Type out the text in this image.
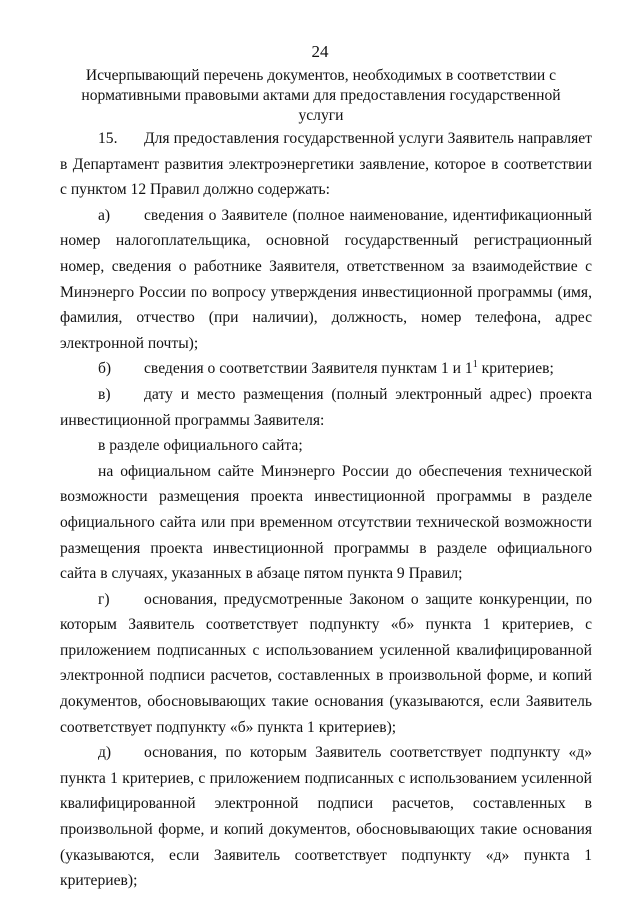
24
Исчерпывающий перечень документов, необходимых в соответствии с нормативными правовыми актами для предоставления государственной услуги

15. Для предоставления государственной услуги Заявитель направляет в Департамент развития электроэнергетики заявление, которое в соответствии с пунктом 12 Правил должно содержать:

а) сведения о Заявителе (полное наименование, идентификационный номер налогоплательщика, основной государственный регистрационный номер, сведения о работнике Заявителя, ответственном за взаимодействие с Минэнерго России по вопросу утверждения инвестиционной программы (имя, фамилия, отчество (при наличии), должность, номер телефона, адрес электронной почты);

б) сведения о соответствии Заявителя пунктам 1 и $1^1$ критериев;

в) дату и место размещения (полный электронный адрес) проекта инвестиционной программы Заявителя:

в разделе официального сайта;

на официальном сайте Минэнерго России до обеспечения технической возможности размещения проекта инвестиционной программы в разделе официального сайта или при временном отсутствии технической возможности размещения проекта инвестиционной программы в разделе официального сайта в случаях, указанных в абзаце пятом пункта 9 Правил;

г) основания, предусмотренные Законом о защите конкуренции, по которым Заявитель соответствует подпункту «б» пункта 1 критериев, с приложением подписанных с использованием усиленной квалифицированной электронной подписи расчетов, составленных в произвольной форме, и копий документов, обосновывающих такие основания (указываются, если Заявитель соответствует подпункту «б» пункта 1 критериев);

д) основания, по которым Заявитель соответствует подпункту «д» пункта 1 критериев, с приложением подписанных с использованием усиленной квалифицированной электронной подписи расчетов, составленных в произвольной форме, и копий документов, обосновывающих такие основания (указываются, если Заявитель соответствует подпункту «д» пункта 1 критериев);
